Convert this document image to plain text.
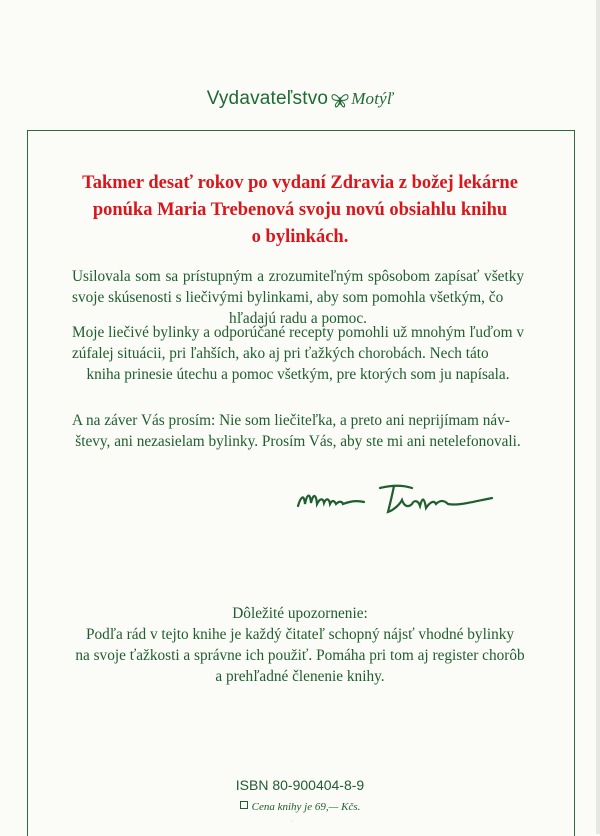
Vydavateľstvo Motýľ
Takmer desať rokov po vydaní Zdravia z božej lekárne
ponúka Maria Trebenová svoju novú obsiahlu knihu
o bylinkách.
Usilovala som sa prístupným a zrozumiteľným spôsobom zapísať všetky svoje skúsenosti s liečivými bylinkami, aby som pomohla všetkým, čo
hľadajú radu a pomoc.
Moje liečivé bylinky a odporúčané recepty pomohli už mnohým ľuďom v zúfalej situácii, pri ľahších, ako aj pri ťažkých chorobách. Nech táto
kniha prinesie útechu a pomoc všetkým, pre ktorých som ju napísala.
A na záver Vás prosím: Nie som liečiteľka, a preto ani neprijímam náv-
števy, ani nezasielam bylinky. Prosím Vás, aby ste mi ani netelefonovali.
Dôležité upozornenie:
Podľa rád v tejto knihe je každý čitateľ schopný nájsť vhodné bylinky
na svoje ťažkosti a správne ich použiť. Pomáha pri tom aj register chorôb
a prehľadné členenie knihy.
ISBN 80-900404-8-9
Cena knihy je 69,— Kčs.
·
